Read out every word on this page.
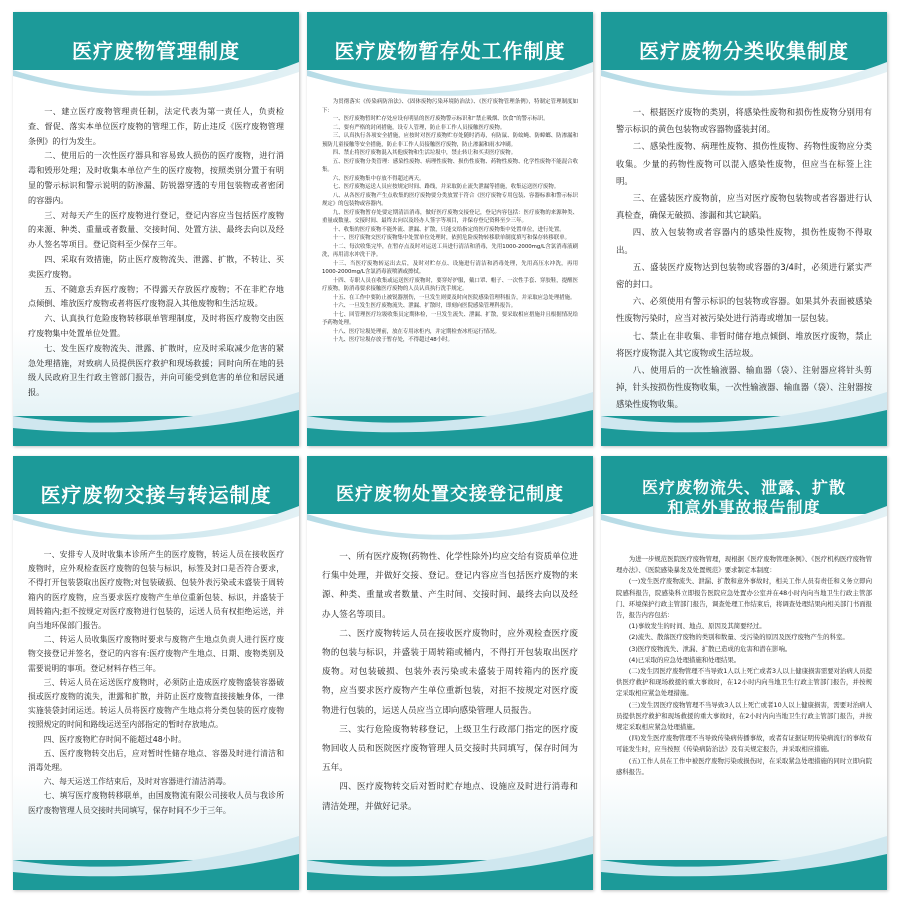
医疗废物管理制度

一、建立医疗废物管理责任制，法定代表为第一责任人，负责检查、督促、落实本单位医疗废物的管理工作，防止违反《医疗废物管理条例》的行为发生。

二、使用后的一次性医疗器具和容易致人损伤的医疗废物，进行消毒和毁形处理；及时收集本单位产生的医疗废物，按照类别分置于有明显的警示标识和警示说明的防渗漏、防锐器穿透的专用包装物或者密闭的容器内。

三、对每天产生的医疗废物进行登记，登记内容应当包括医疗废物的来源、种类、重量或者数量、交接时间、处置方法、最终去向以及经办人签名等项目。登记资料至少保存三年。

四、采取有效措施，防止医疗废物流失、泄露、扩散，不转让、买卖医疗废物。

五、不随意丢弃医疗废物；不得露天存放医疗废物；不在非贮存地点倾倒、堆放医疗废物或者将医疗废物混入其他废物和生活垃圾。

六、认真执行危险废物转移联单管理制度，及时将医疗废物交由医疗废物集中处置单位处置。

七、发生医疗废物流失、泄露、扩散时，应及时采取减少危害的紧急处理措施，对致病人员提供医疗救护和现场救援；同时向所在地的县级人民政府卫生行政主管部门报告，并向可能受到危害的单位和居民通报。

医疗废物暂存处工作制度

为贯彻落实《传染病防治法》、《固体废物污染环境防治法》、《医疗废物管理条例》，特制定管理制度如下：

一、医疗废物暂时贮存处应设有明显的医疗废物警示标识和“禁止吸烟、饮食”的警示标识。

二、要有严格的封闭措施，设专人管理，防止非工作人员接触医疗废物。

三、认真执行各项安全措施，应按时对医疗废物贮存处随时消毒，有防鼠、防蚊蝇、防蟑螂、防渗漏和预防儿童接触等安全措施，防止非工作人员接触医疗废物，防止渗漏和雨水冲刷。

四、禁止将医疗废物混入其他废物和生活垃圾中，禁止转让和买卖医疗废物。

五、医疗废物分类管理：感染性废物、病理性废物、损伤性废物、药物性废物、化学性废物不能混合收集。

六、医疗废物集中存放不得超过两天。

七、医疗废物运送人员应按规定时间、路线，并采取防止流失泄漏等措施，收集运送医疗废物。

八、从各医疗废物产生点收集的医疗废物要分类放置于符合《医疗废物专用包装、容器标准和警示标识规定》的包装物或容器内。

九、医疗废物暂存处要定期清洁消毒，做好医疗废物交接登记，登记内容包括：医疗废物的来源种类、重量或数量、交接时间、最终去向以及经办人签字等项目，并保存登记资料至少三年。

十、收集的医疗废物不能外流、泄漏、扩散，只能交给指定的医疗废物集中处置单位，进行处置。

十一、医疗废物交医疗废物集中处置单位处理时，依照危险废物转移联单制度填写和保存转移联单。

十二、每次收集完毕，在暂存点及时对运送工具进行清洁和消毒，先用1000-2000mg/L含氯消毒液刷洗，再用清水冲洗干净。

十三、当医疗废物转运出去后，及时对贮存点、设施进行清洁和消毒处理，先用高压水冲洗，再用1000-2000mg/L含氯消毒液喷洒或擦拭。

十四、专职人员在收集或运送医疗废物时，要穿好护服，戴口罩、帽子、一次性手套、穿胶鞋，提醒医疗废物，防消毒要求接触医疗废物的人员认真执行洗手规定。

十五、在工作中要防止被锐器割伤，一旦发生则要及时向医院感染管理科报告，并采取应急处理措施。

十六、一旦发生医疗废物流失、泄漏、扩散时，即刻向医院感染管理科报告。

十七、回管理医疗垃圾收集员定期体检，一旦发生流失、泄漏、扩散，要采取相应措施并且根据情况给予药物处理。

十八、医疗垃圾处理前，放在专用冰柜内，并定期检查冰柜运行情况。

十九、医疗垃圾存放于暂存处，不得超过48小时。

医疗废物分类收集制度

一、根据医疗废物的类别，将感染性废物和损伤性废物分别用有警示标识的黄色包装物或容器物盛装封闭。

二、感染性废物、病理性废物、损伤性废物、药物性废物应分类收集。少量的药物性废物可以混入感染性废物，但应当在标签上注明。

三、在盛装医疗废物前，应当对医疗废物包装物或者容器进行认真检查，确保无破损、渗漏和其它缺陷。

四、放入包装物或者容器内的感染性废物，损伤性废物不得取出。

五、盛装医疗废物达到包装物或容器的3/4时，必须进行紧实严密的封口。

六、必须使用有警示标识的包装物或容器。如果其外表面被感染性废物污染时，应当对被污染处进行消毒或增加一层包装。

七、禁止在非收集、非暂时储存地点倾倒、堆放医疗废物，禁止将医疗废物混入其它废物或生活垃圾。

八、使用后的一次性输液器、输血器（袋）、注射器应将针头剪掉，针头按损伤性废物收集，一次性输液器、输血器（袋）、注射器按感染性废物收集。

医疗废物交接与转运制度

一、安排专人及时收集本诊所产生的医疗废物，转运人员在接收医疗废物时，应外观检查医疗废物的包装与标识，标签及封口是否符合要求，不得打开包装袋取出医疗废物;对包装破损、包装外表污染或未盛装于周转箱内的医疗废物，应当要求医疗废物产生单位重新包装、标识，并盛装于周转箱内;拒不按规定对医疗废物进行包装的，运送人员有权拒绝运送，并向当地环保部门报告。

二、转运人员收集医疗废物时要求与废物产生地点负责人进行医疗废物交接登记并签名，登记的内容有:医疗废物产生地点、日期、废物类别及需要说明的事项。登记材料存档三年。

三、转运人员在运送医疗废物时，必须防止造成医疗废物盛装容器破损或医疗废物的流失，泄露和扩散，并防止医疗废物直接接触身体，一律实施装袋封闭运送。转运人员将医疗废物产生地点将分类包装的医疗废物按照规定的时间和路线运送至内部指定的暂时存放地点。

四、医疗废物贮存时间不能超过48小时。

五、医疗废物转交出后，应对暂时性储存地点、容器及时进行清洁和消毒处理。

六、每天运送工作结束后，及时对容器进行清洁消毒。

七、填写医疗废物转移联单，由国废物流有限公司接收人员与我诊所医疗废物管理人员交接时共同填写，保存时间不少于三年。

医疗废物处置交接登记制度

一、所有医疗废物(药物性、化学性除外)均应交给有资质单位进行集中处理，并做好交接、登记。登记内容应当包括医疗废物的来源、种类、重量或者数量、产生时间、交接时间、最终去向以及经办人签名等项目。

二、医疗废物转运人员在接收医疗废物时，应外观检查医疗废物的包装与标识，并盛装于周转箱或桶内，不得打开包装取出医疗废物。对包装破损、包装外表污染或未盛装于周转箱内的医疗废物，应当要求医疗废物产生单位重新包装，对拒不按规定对医疗废物进行包装的，运送人员应当立即向感染管理人员报告。

三、实行危险废物转移登记，上级卫生行政部门指定的医疗废物回收人员和医院医疗废物管理人员交接时共同填写，保存时间为五年。

四、医疗废物转交后对暂时贮存地点、设施应及时进行消毒和清洁处理，并做好记录。

医疗废物流失、泄露、扩散
和意外事故报告制度

为进一步规范医院医疗废物管理，现根据《医疗废物管理条例》、《医疗机构医疗废物管理办法》、《医院感染暴发及处置规范》要求制定本制度：

(一)发生医疗废物流失、泄漏、扩散和意外事故时，相关工作人员有责任和义务立即向院感科报告，院感染科立即报告医院应急处置办公室并在48小时内向当地卫生行政主管部门、环境保护行政主管部门报告，调查处理工作结束后，将调查处理结果向相关部门书面报告，报告内容包括：

(1)事故发生的时间、地点、原因及其简要经过。

(2)流失、散落医疗废物的类别和数量、受污染的原因及医疗废物产生的科室。

(3)医疗废物流失、泄漏、扩散已造成的危害和潜在影响。

(4)已采取的应急处理措施和处理结果。

(二)发生因医疗废物管理不当导致1人以上死亡或者3人以上健康损害需要对治病人员提供医疗救护和现场救援的重大事故时，在12小时内向当地卫生行政主管部门报告，并按规定采取相应紧急处理措施。

(三)发生因医疗废物管理不当导致3人以上死亡或者10人以上健康损害，需要对治病人员提供医疗救护和现场救援的重大事故时，在2小时内向当地卫生行政主管部门报告，并按规定采取相应紧急处理措施。

(四)发生医疗废物管理不当导致传染病传播事故，或者有证据证明传染病流行的事故有可能发生时，应当按照《传染病防治法》及有关规定报告，并采取相应措施。

(五)工作人员在工作中被医疗废物污染或损伤时，在采取紧急处理措施的同时立即向院感科报告。
